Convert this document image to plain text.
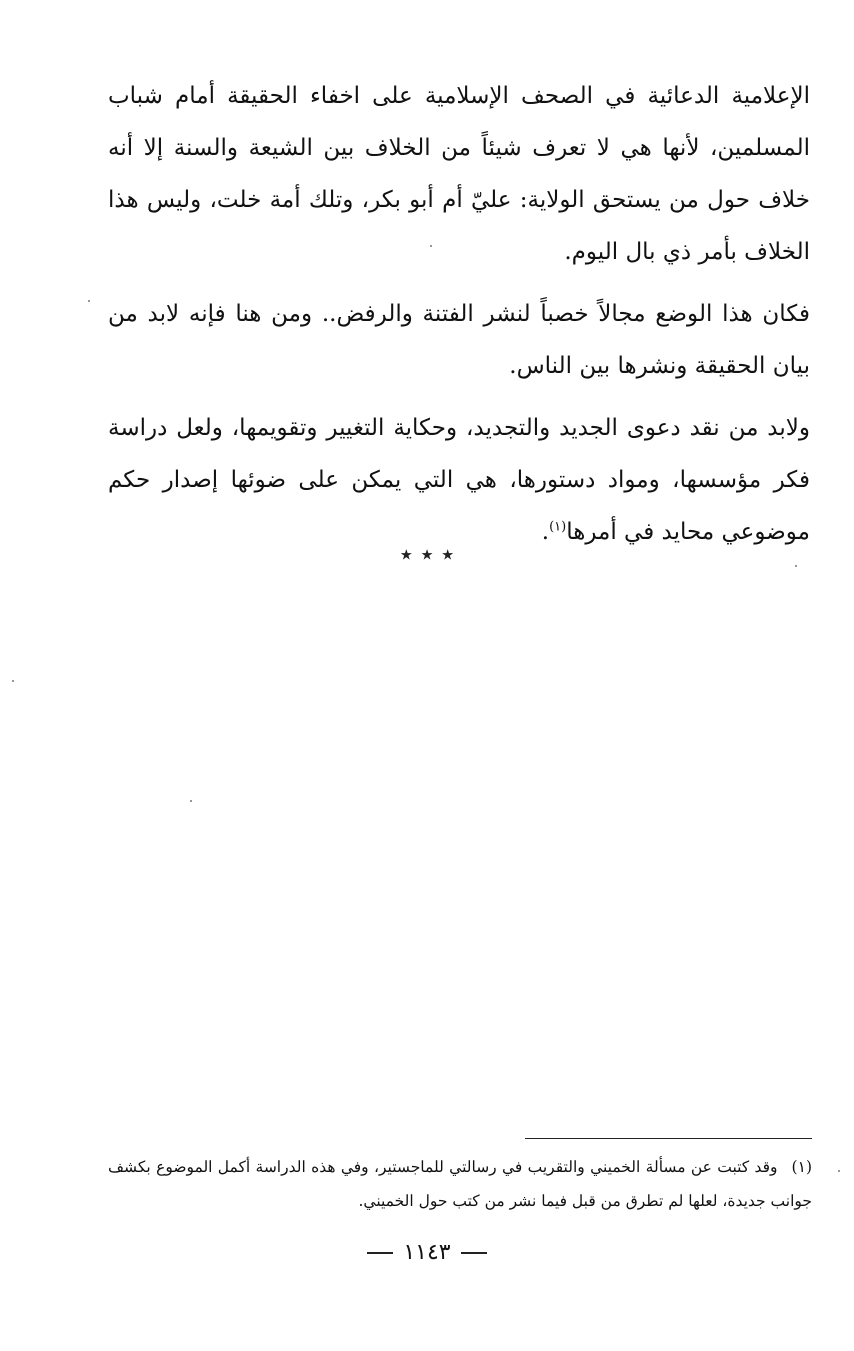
الإعلامية الدعائية في الصحف الإسلامية على اخفاء الحقيقة أمام شباب المسلمين، لأنها هي لا تعرف شيئاً من الخلاف بين الشيعة والسنة إلا أنه خلاف حول من يستحق الولاية: عليّ أم أبو بكر، وتلك أمة خلت، وليس هذا الخلاف بأمر ذي بال اليوم.

فكان هذا الوضع مجالاً خصباً لنشر الفتنة والرفض.. ومن هنا فإنه لابد من بيان الحقيقة ونشرها بين الناس.

ولابد من نقد دعوى الجديد والتجديد، وحكاية التغيير وتقويمها، ولعل دراسة فكر مؤسسها، ومواد دستورها، هي التي يمكن على ضوئها إصدار حكم موضوعي محايد في أمرها$^{(١)}$.

٭ ٭ ٭
(١)وقد كتبت عن مسألة الخميني والتقريب في رسالتي للماجستير، وفي هذه الدراسة أكمل الموضوع بكشف جوانب جديدة، لعلها لم تطرق من قبل فيما نشر من كتب حول الخميني.
١١٤٣
